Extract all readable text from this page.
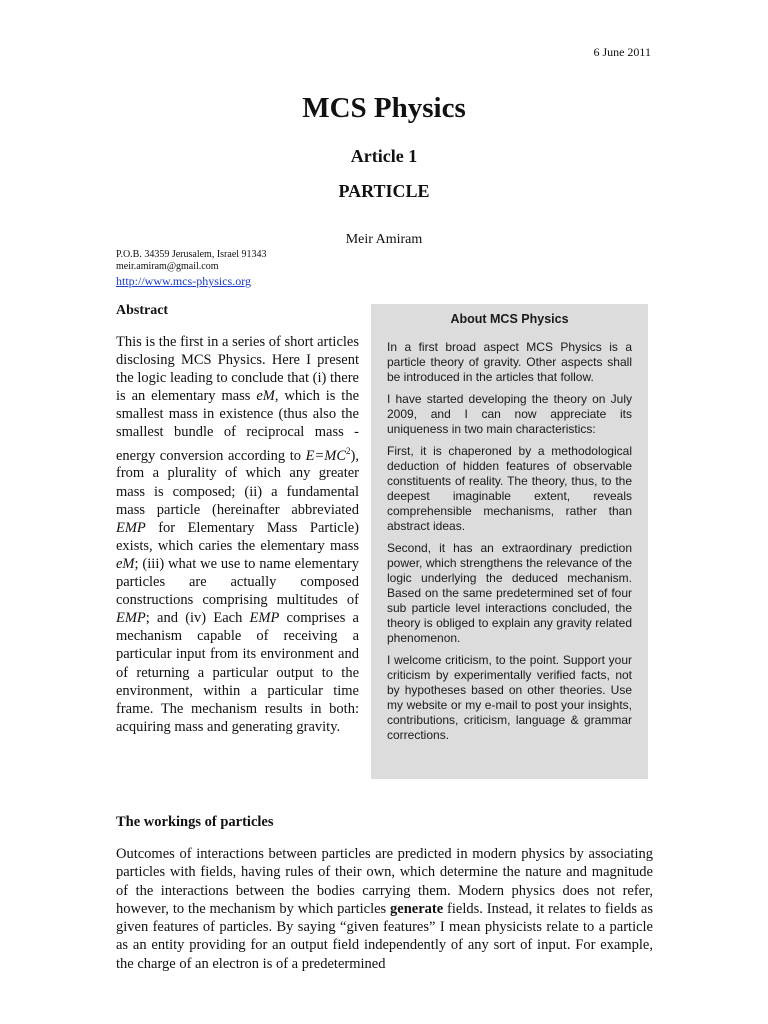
6 June 2011
MCS Physics
Article 1
PARTICLE
Meir Amiram
P.O.B. 34359 Jerusalem, Israel 91343
meir.amiram@gmail.com
http://www.mcs-physics.org
Abstract

This is the first in a series of short articles disclosing MCS Physics. Here I present the logic leading to conclude that (i) there is an elementary mass eM, which is the smallest mass in existence (thus also the smallest bundle of reciprocal mass - energy conversion according to $E=MC^2$), from a plurality of which any greater mass is composed; (ii) a fundamental mass particle (hereinafter abbreviated EMP for Elementary Mass Particle) exists, which caries the elementary mass eM; (iii) what we use to name elementary particles are actually composed constructions comprising multitudes of EMP; and (iv) Each EMP comprises a mechanism capable of receiving a particular input from its environment and of returning a particular output to the environment, within a particular time frame. The mechanism results in both: acquiring mass and generating gravity.

About MCS Physics

In a first broad aspect MCS Physics is a particle theory of gravity. Other aspects shall be introduced in the articles that follow.

I have started developing the theory on July 2009, and I can now appreciate its uniqueness in two main characteristics:

First, it is chaperoned by a methodological deduction of hidden features of observable constituents of reality. The theory, thus, to the deepest imaginable extent, reveals comprehensible mechanisms, rather than abstract ideas.

Second, it has an extraordinary prediction power, which strengthens the relevance of the logic underlying the deduced mechanism. Based on the same predetermined set of four sub particle level interactions concluded, the theory is obliged to explain any gravity related phenomenon.

I welcome criticism, to the point. Support your criticism by experimentally verified facts, not by hypotheses based on other theories. Use my website or my e-mail to post your insights, contributions, criticism, language & grammar corrections.

The workings of particles

Outcomes of interactions between particles are predicted in modern physics by associating particles with fields, having rules of their own, which determine the nature and magnitude of the interactions between the bodies carrying them. Modern physics does not refer, however, to the mechanism by which particles generate fields. Instead, it relates to fields as given features of particles. By saying “given features” I mean physicists relate to a particle as an entity providing for an output field independently of any sort of input. For example, the charge of an electron is of a predetermined
